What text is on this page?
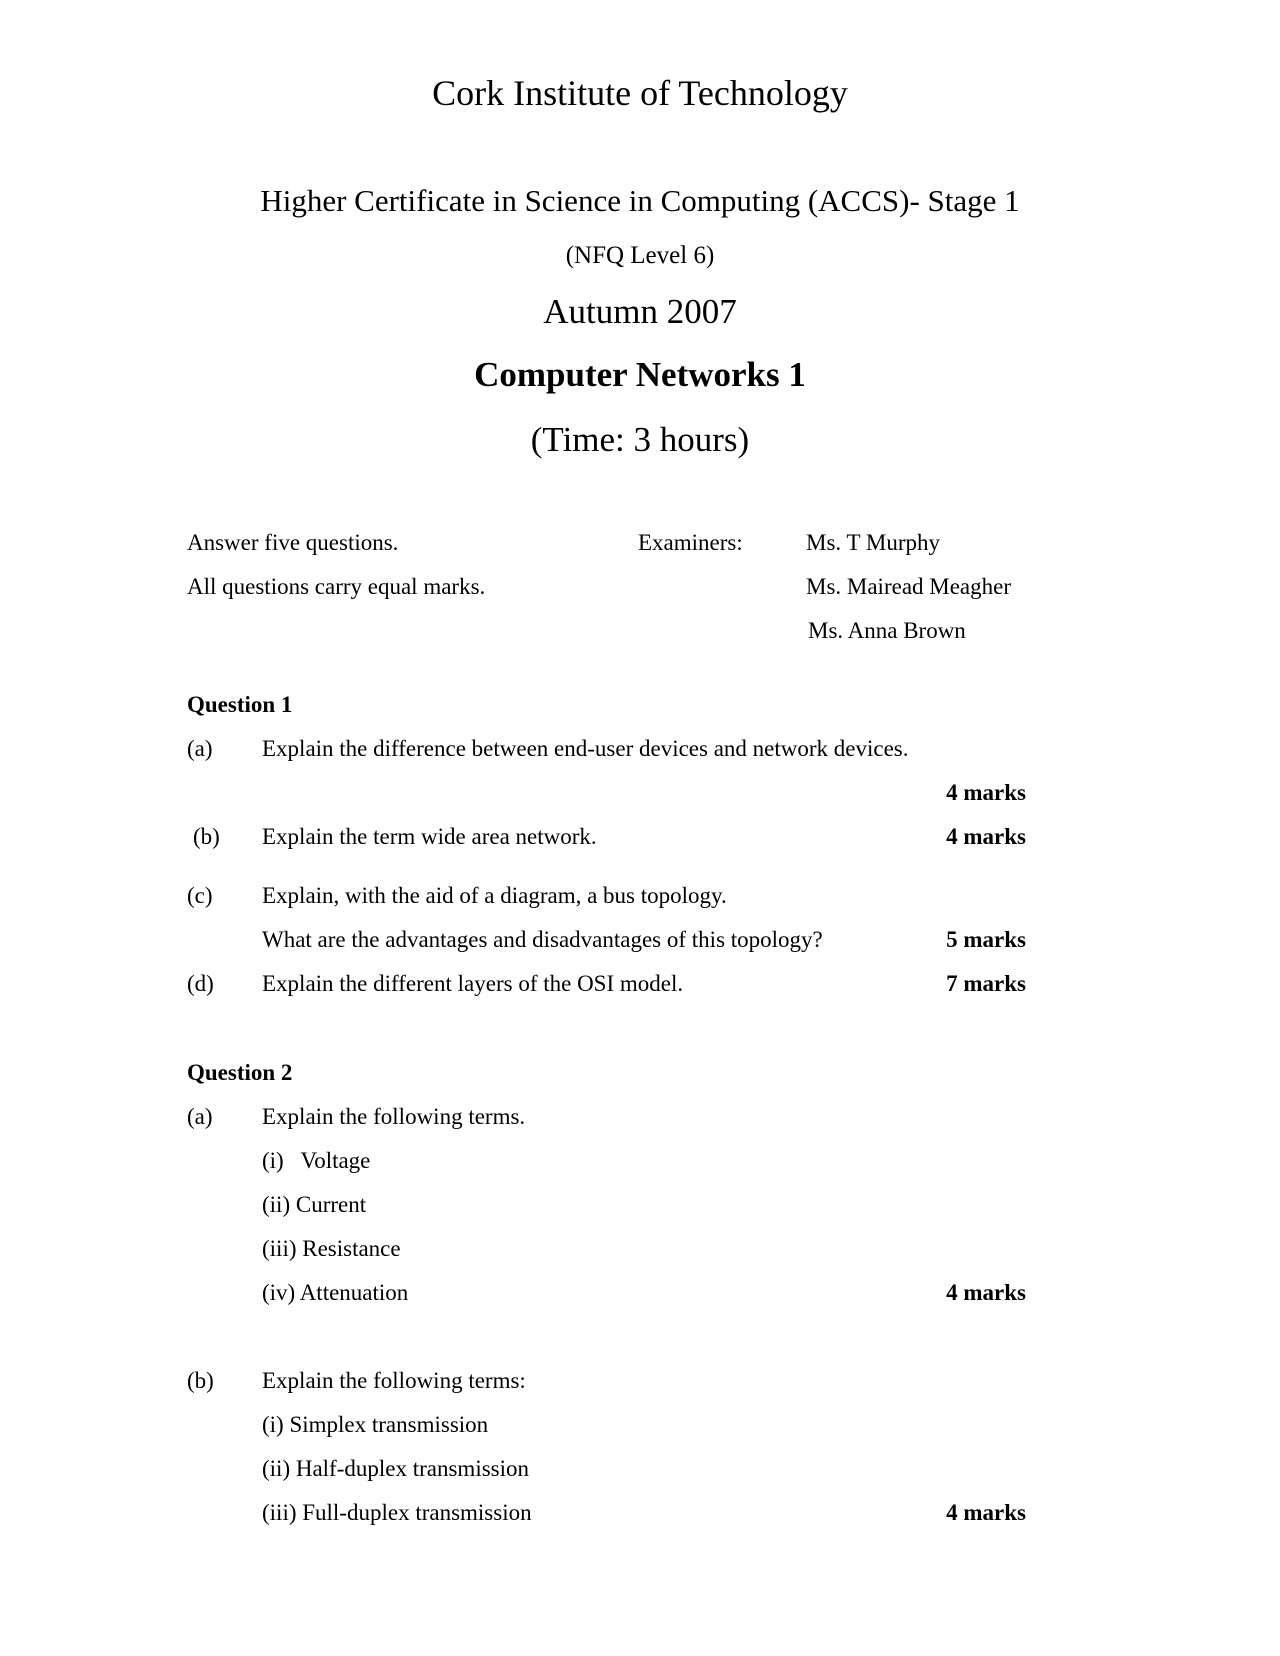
Cork Institute of Technology
Higher Certificate in Science in Computing (ACCS)- Stage 1
(NFQ Level 6)
Autumn 2007
Computer Networks 1
(Time: 3 hours)
Answer five questions.
All questions carry equal marks.
Examiners:	Ms. T Murphy
Ms. Mairead Meagher
Ms. Anna Brown
Question 1
(a) Explain the difference between end-user devices and network devices.
4 marks
(b) Explain the term wide area network.	4 marks
(c) Explain, with the aid of a diagram, a bus topology.
What are the advantages and disadvantages of this topology?	5 marks
(d) Explain the different layers of the OSI model.	7 marks
Question 2
(a) Explain the following terms.
(i)   Voltage
(ii) Current
(iii) Resistance
(iv) Attenuation	4 marks
(b) Explain the following terms:
(i) Simplex transmission
(ii) Half-duplex transmission
(iii) Full-duplex transmission	4 marks
